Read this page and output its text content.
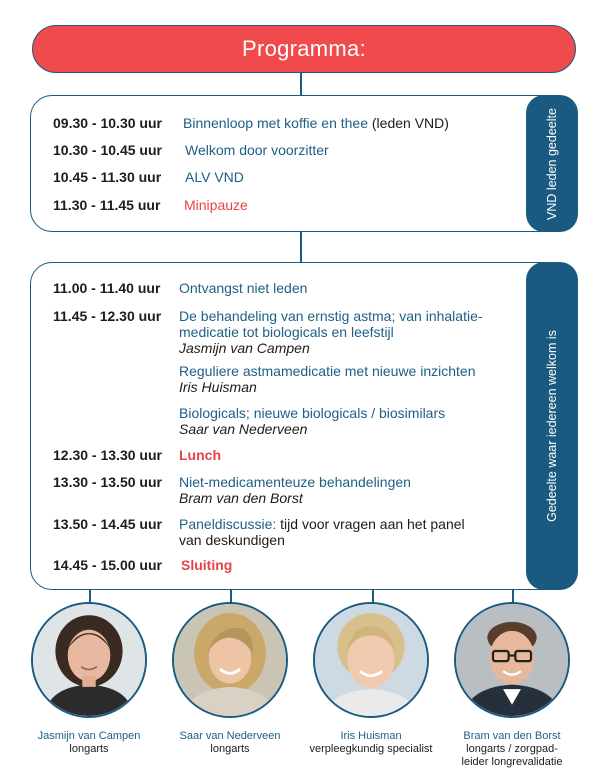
Programma:
VND leden gedeelte
09.30 - 10.30 uur Binnenloop met koffie en thee (leden VND)
10.30 - 10.45 uur Welkom door voorzitter
10.45 - 11.30 uur ALV VND
11.30 - 11.45 uur Minipauze
Gedeelte waar iedereen welkom is
11.00 - 11.40 uur Ontvangst niet leden
11.45 - 12.30 uur De behandeling van ernstig astma; van inhalatie-
medicatie tot biologicals en leefstijl
Jasmijn van Campen
Reguliere astmamedicatie met nieuwe inzichten
Iris Huisman
Biologicals; nieuwe biologicals / biosimilars
Saar van Nederveen
12.30 - 13.30 uur Lunch
13.30 - 13.50 uur Niet-medicamenteuze behandelingen
Bram van den Borst
13.50 - 14.45 uur Paneldiscussie: tijd voor vragen aan het panel
van deskundigen
14.45 - 15.00 uur Sluiting
Jasmijn van Campen
longarts
Saar van Nederveen
longarts
Iris Huisman
verpleegkundig specialist
Bram van den Borst
longarts / zorgpad-
leider longrevalidatie
